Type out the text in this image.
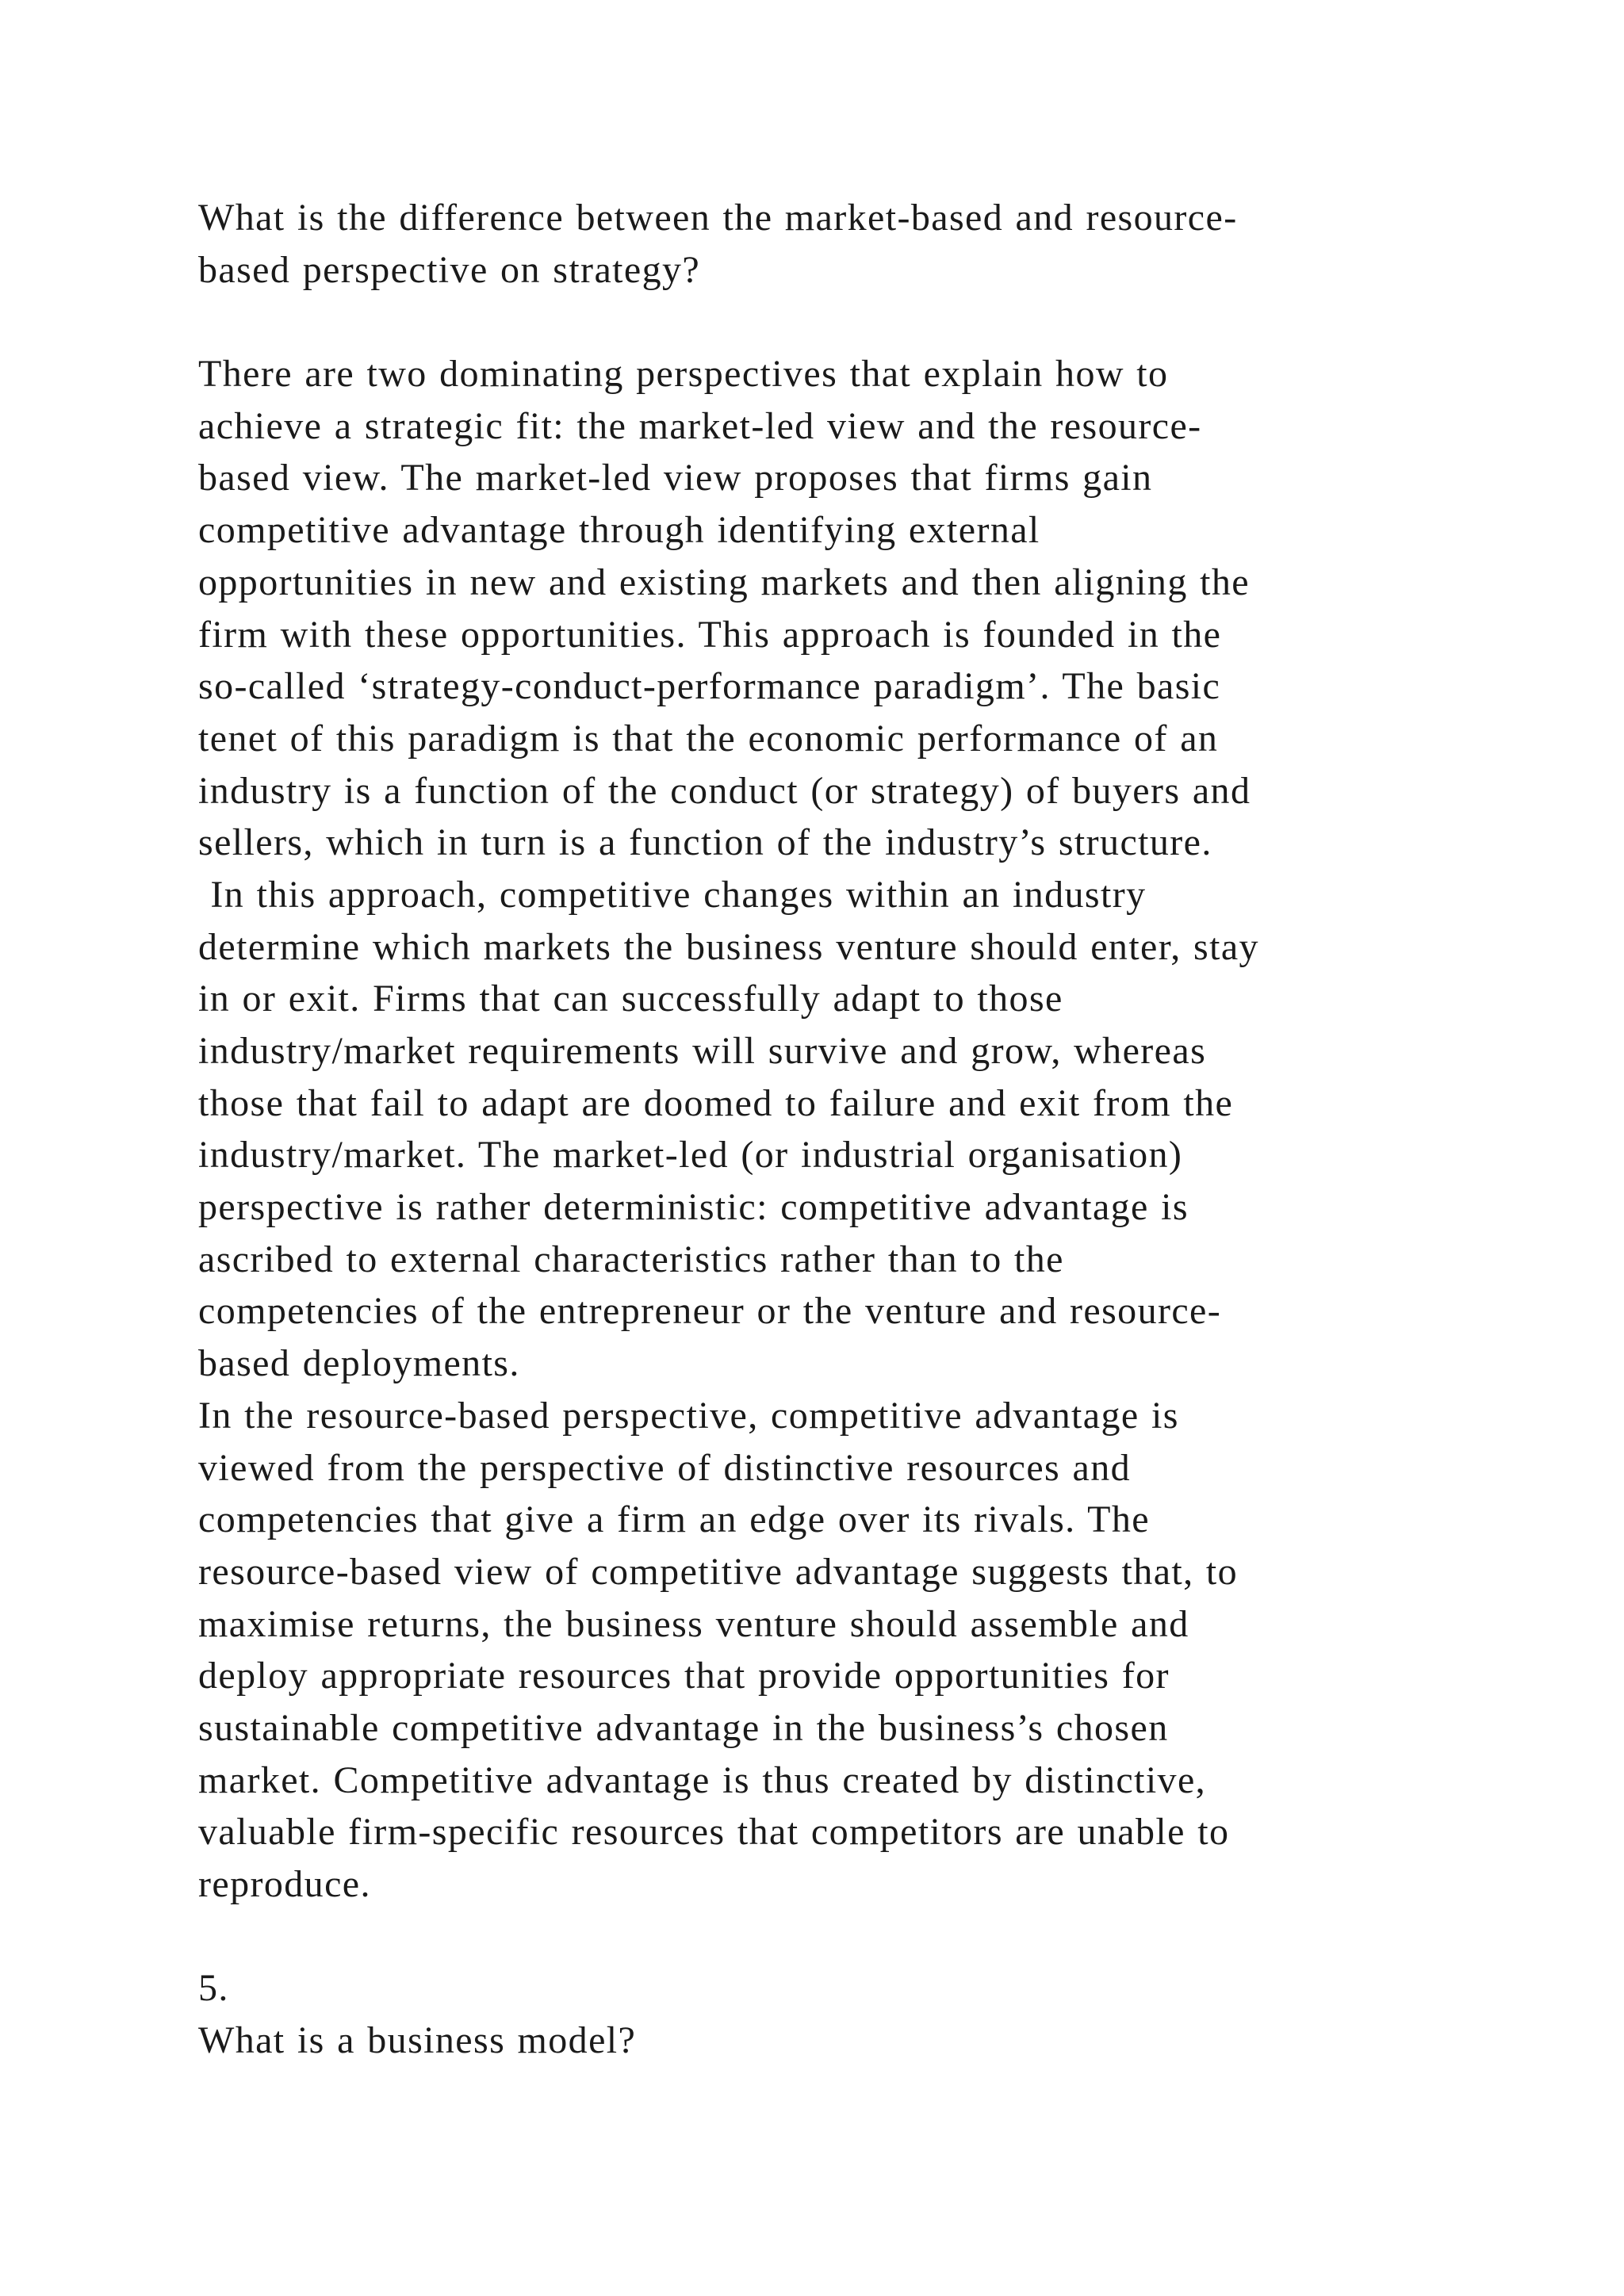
What is the difference between the market-based and resource-
based perspective on strategy?
There are two dominating perspectives that explain how to
achieve a strategic fit: the market-led view and the resource-
based view. The market-led view proposes that firms gain
competitive advantage through identifying external
opportunities in new and existing markets and then aligning the
firm with these opportunities. This approach is founded in the
so-called ‘strategy-conduct-performance paradigm’. The basic
tenet of this paradigm is that the economic performance of an
industry is a function of the conduct (or strategy) of buyers and
sellers, which in turn is a function of the industry’s structure.
In this approach, competitive changes within an industry
determine which markets the business venture should enter, stay
in or exit. Firms that can successfully adapt to those
industry/market requirements will survive and grow, whereas
those that fail to adapt are doomed to failure and exit from the
industry/market. The market-led (or industrial organisation)
perspective is rather deterministic: competitive advantage is
ascribed to external characteristics rather than to the
competencies of the entrepreneur or the venture and resource-
based deployments.
In the resource-based perspective, competitive advantage is
viewed from the perspective of distinctive resources and
competencies that give a firm an edge over its rivals. The
resource-based view of competitive advantage suggests that, to
maximise returns, the business venture should assemble and
deploy appropriate resources that provide opportunities for
sustainable competitive advantage in the business’s chosen
market. Competitive advantage is thus created by distinctive,
valuable firm-specific resources that competitors are unable to
reproduce.
5.
What is a business model?
